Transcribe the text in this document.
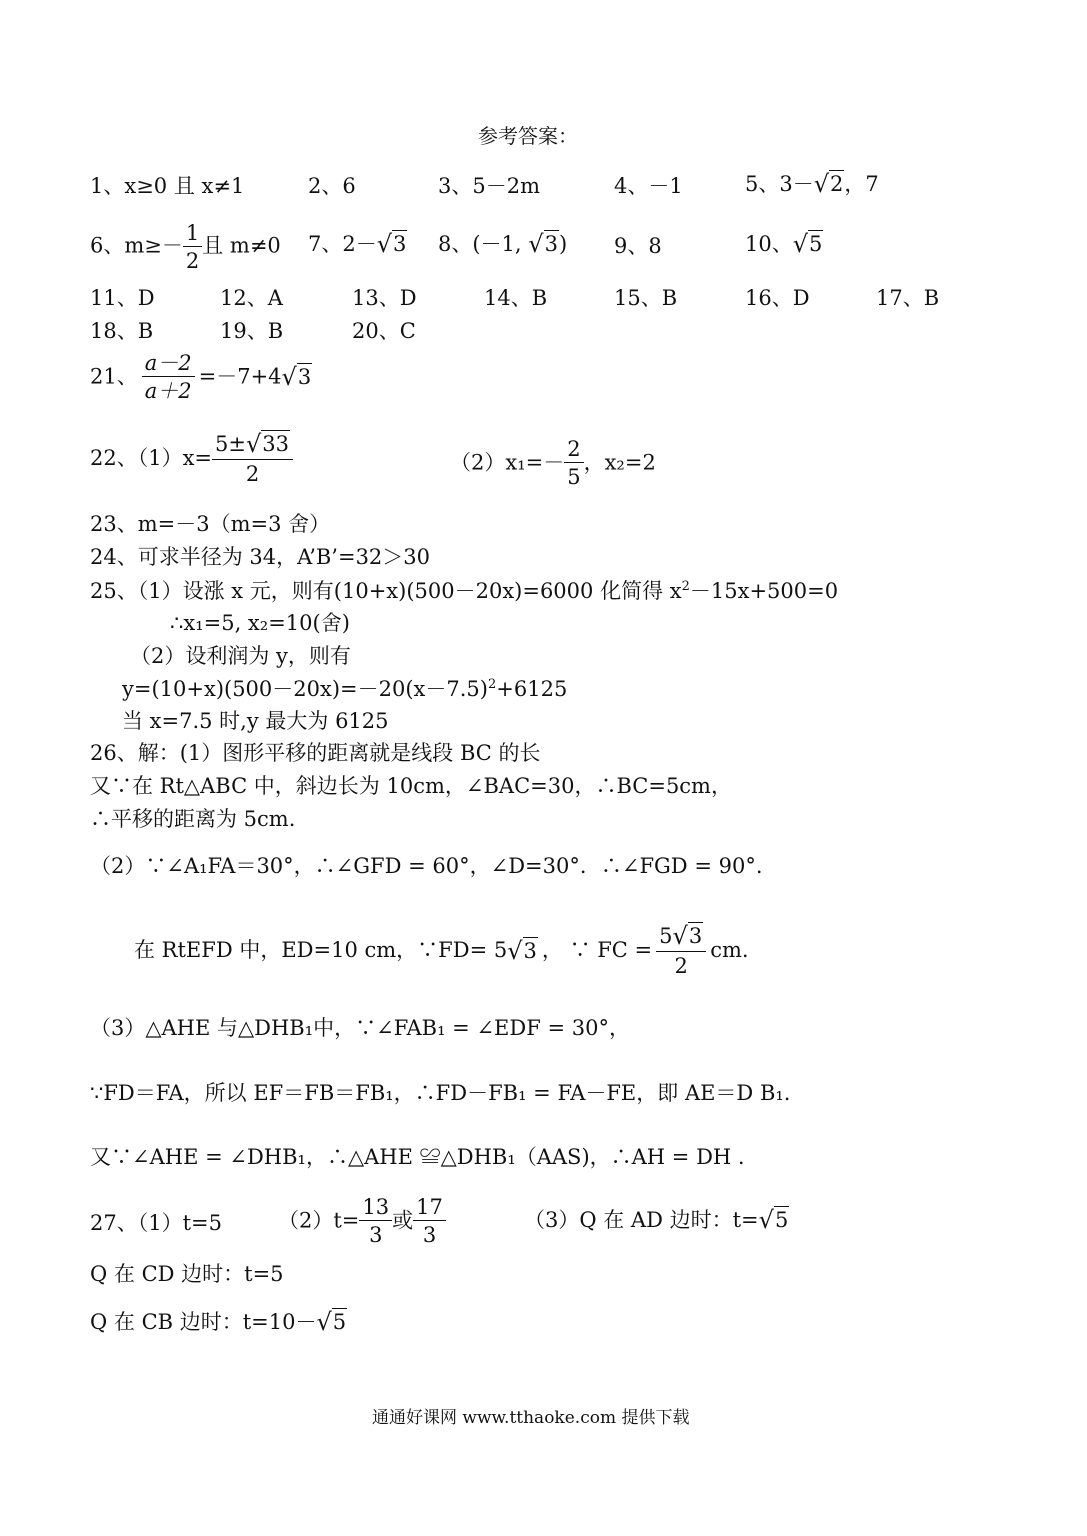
参考答案：
1、x≥0 且 x≠1	2、6	3、5－2m	4、－1	5、3－√2，7
6、$m\ge- \frac{1}{2}$ 且 m≠0 7、2－√3 8、(－1, √3) 9、8	10、√5
11、D	12、A	13、D	14、B	15、B	16、D	17、B
18、B	19、B	20、C
21、 $\frac{a-2}{a+2} =-7+4√3$
22、$(1)x= \frac{5\pm√33}{2}$	$(2)x_1=- \frac{2}{5}$ ，x₂=2
23、m=－3（m=3 舍）
24、可求半径为 34，A’B’=32＞30
25、（1）设涨 x 元，则有(10+x)(500－20x)=6000 化简得 $x^2-15x+500=0$
∴x₁=5, x₂=10(舍)
（2）设利润为 y，则有
$y=(10+x)(500-20x)=-20(x-7.5)^2+6125$
当 x=7.5 时,y 最大为 6125
26、解：(1）图形平移的距离就是线段 BC 的长
又∵在 Rt△ABC 中，斜边长为 10cm，∠BAC=30，∴BC=5cm，
∴平移的距离为 5cm.
（2）∵∠A₁FA＝30°，∴∠GFD = 60°，∠D=30°．∴∠FGD = 90°.
在 RtEFD 中，ED=10 cm，∵FD= 5√3 ， ∵ FC = $\frac{5√3}{2}$ cm.
（3）△AHE 与△DHB₁中，∵∠FAB₁ = ∠EDF = 30°，
∵FD＝FA，所以 EF＝FB＝FB₁，∴FD－FB₁ = FA－FE，即 AE＝D B₁.
又∵∠AHE = ∠DHB₁，∴△AHE ≌△DHB₁（AAS)，∴AH = DH .
27、（1）t=5	$(2)t= \frac{13}{3}$ 或 $\frac{17}{3}$	（3）Q 在 AD 边时：t=√5
Q 在 CD 边时：t=5
Q 在 CB 边时：t=10－√5
通通好课网 www.tthaoke.com 提供下载
